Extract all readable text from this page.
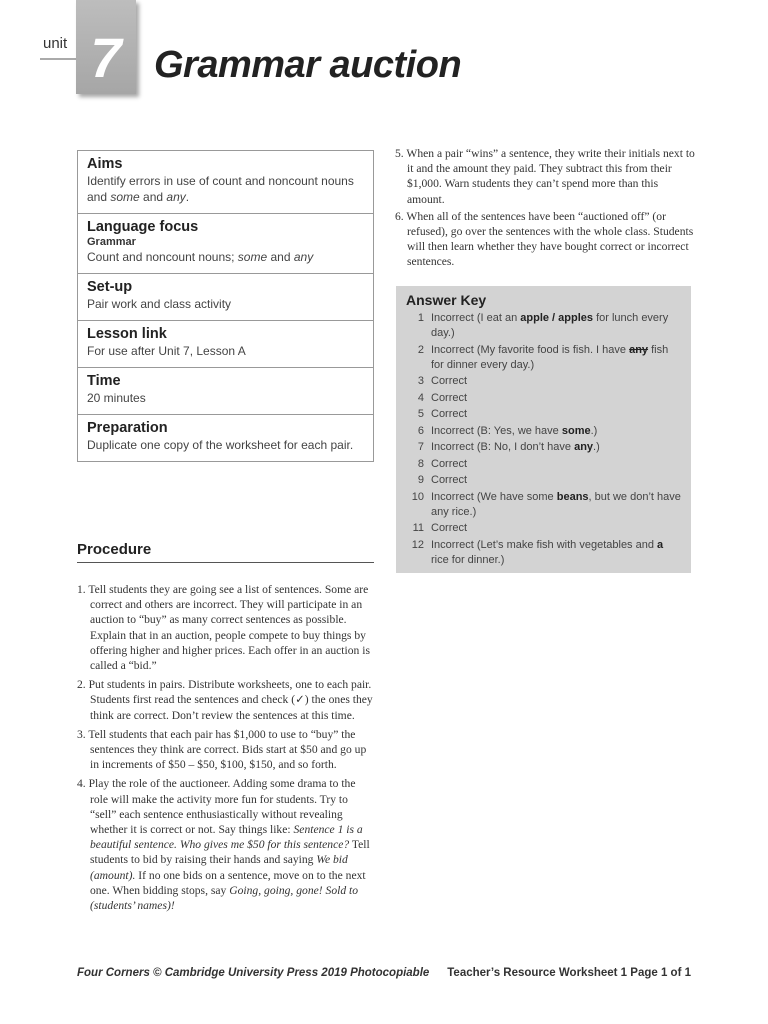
unit 7 Grammar auction
Aims
Identify errors in use of count and noncount nouns and some and any.
Language focus
Grammar
Count and noncount nouns; some and any
Set-up
Pair work and class activity
Lesson link
For use after Unit 7, Lesson A
Time
20 minutes
Preparation
Duplicate one copy of the worksheet for each pair.
Procedure
1. Tell students they are going see a list of sentences. Some are correct and others are incorrect. They will participate in an auction to “buy” as many correct sentences as possible. Explain that in an auction, people compete to buy things by offering higher and higher prices. Each offer in an auction is called a “bid.”
2. Put students in pairs. Distribute worksheets, one to each pair. Students first read the sentences and check (✓) the ones they think are correct. Don’t review the sentences at this time.
3. Tell students that each pair has $1,000 to use to “buy” the sentences they think are correct. Bids start at $50 and go up in increments of $50 – $50, $100, $150, and so forth.
4. Play the role of the auctioneer. Adding some drama to the role will make the activity more fun for students. Try to “sell” each sentence enthusiastically without revealing whether it is correct or not. Say things like: Sentence 1 is a beautiful sentence. Who gives me $50 for this sentence? Tell students to bid by raising their hands and saying We bid (amount). If no one bids on a sentence, move on to the next one. When bidding stops, say Going, going, gone! Sold to (students’ names)!
5. When a pair “wins” a sentence, they write their initials next to it and the amount they paid. They subtract this from their $1,000. Warn students they can’t spend more than this amount.
6. When all of the sentences have been “auctioned off” (or refused), go over the sentences with the whole class. Students will then learn whether they have bought correct or incorrect sentences.
Answer Key
1 Incorrect (I eat an apple / apples for lunch every day.)
2 Incorrect (My favorite food is fish. I have any fish for dinner every day.)
3 Correct
4 Correct
5 Correct
6 Incorrect (B: Yes, we have some.)
7 Incorrect (B: No, I don’t have any.)
8 Correct
9 Correct
10 Incorrect (We have some beans, but we don’t have any rice.)
11 Correct
12 Incorrect (Let’s make fish with vegetables and a rice for dinner.)
Four Corners © Cambridge University Press 2019 Photocopiable Teacher’s Resource Worksheet 1 Page 1 of 1
